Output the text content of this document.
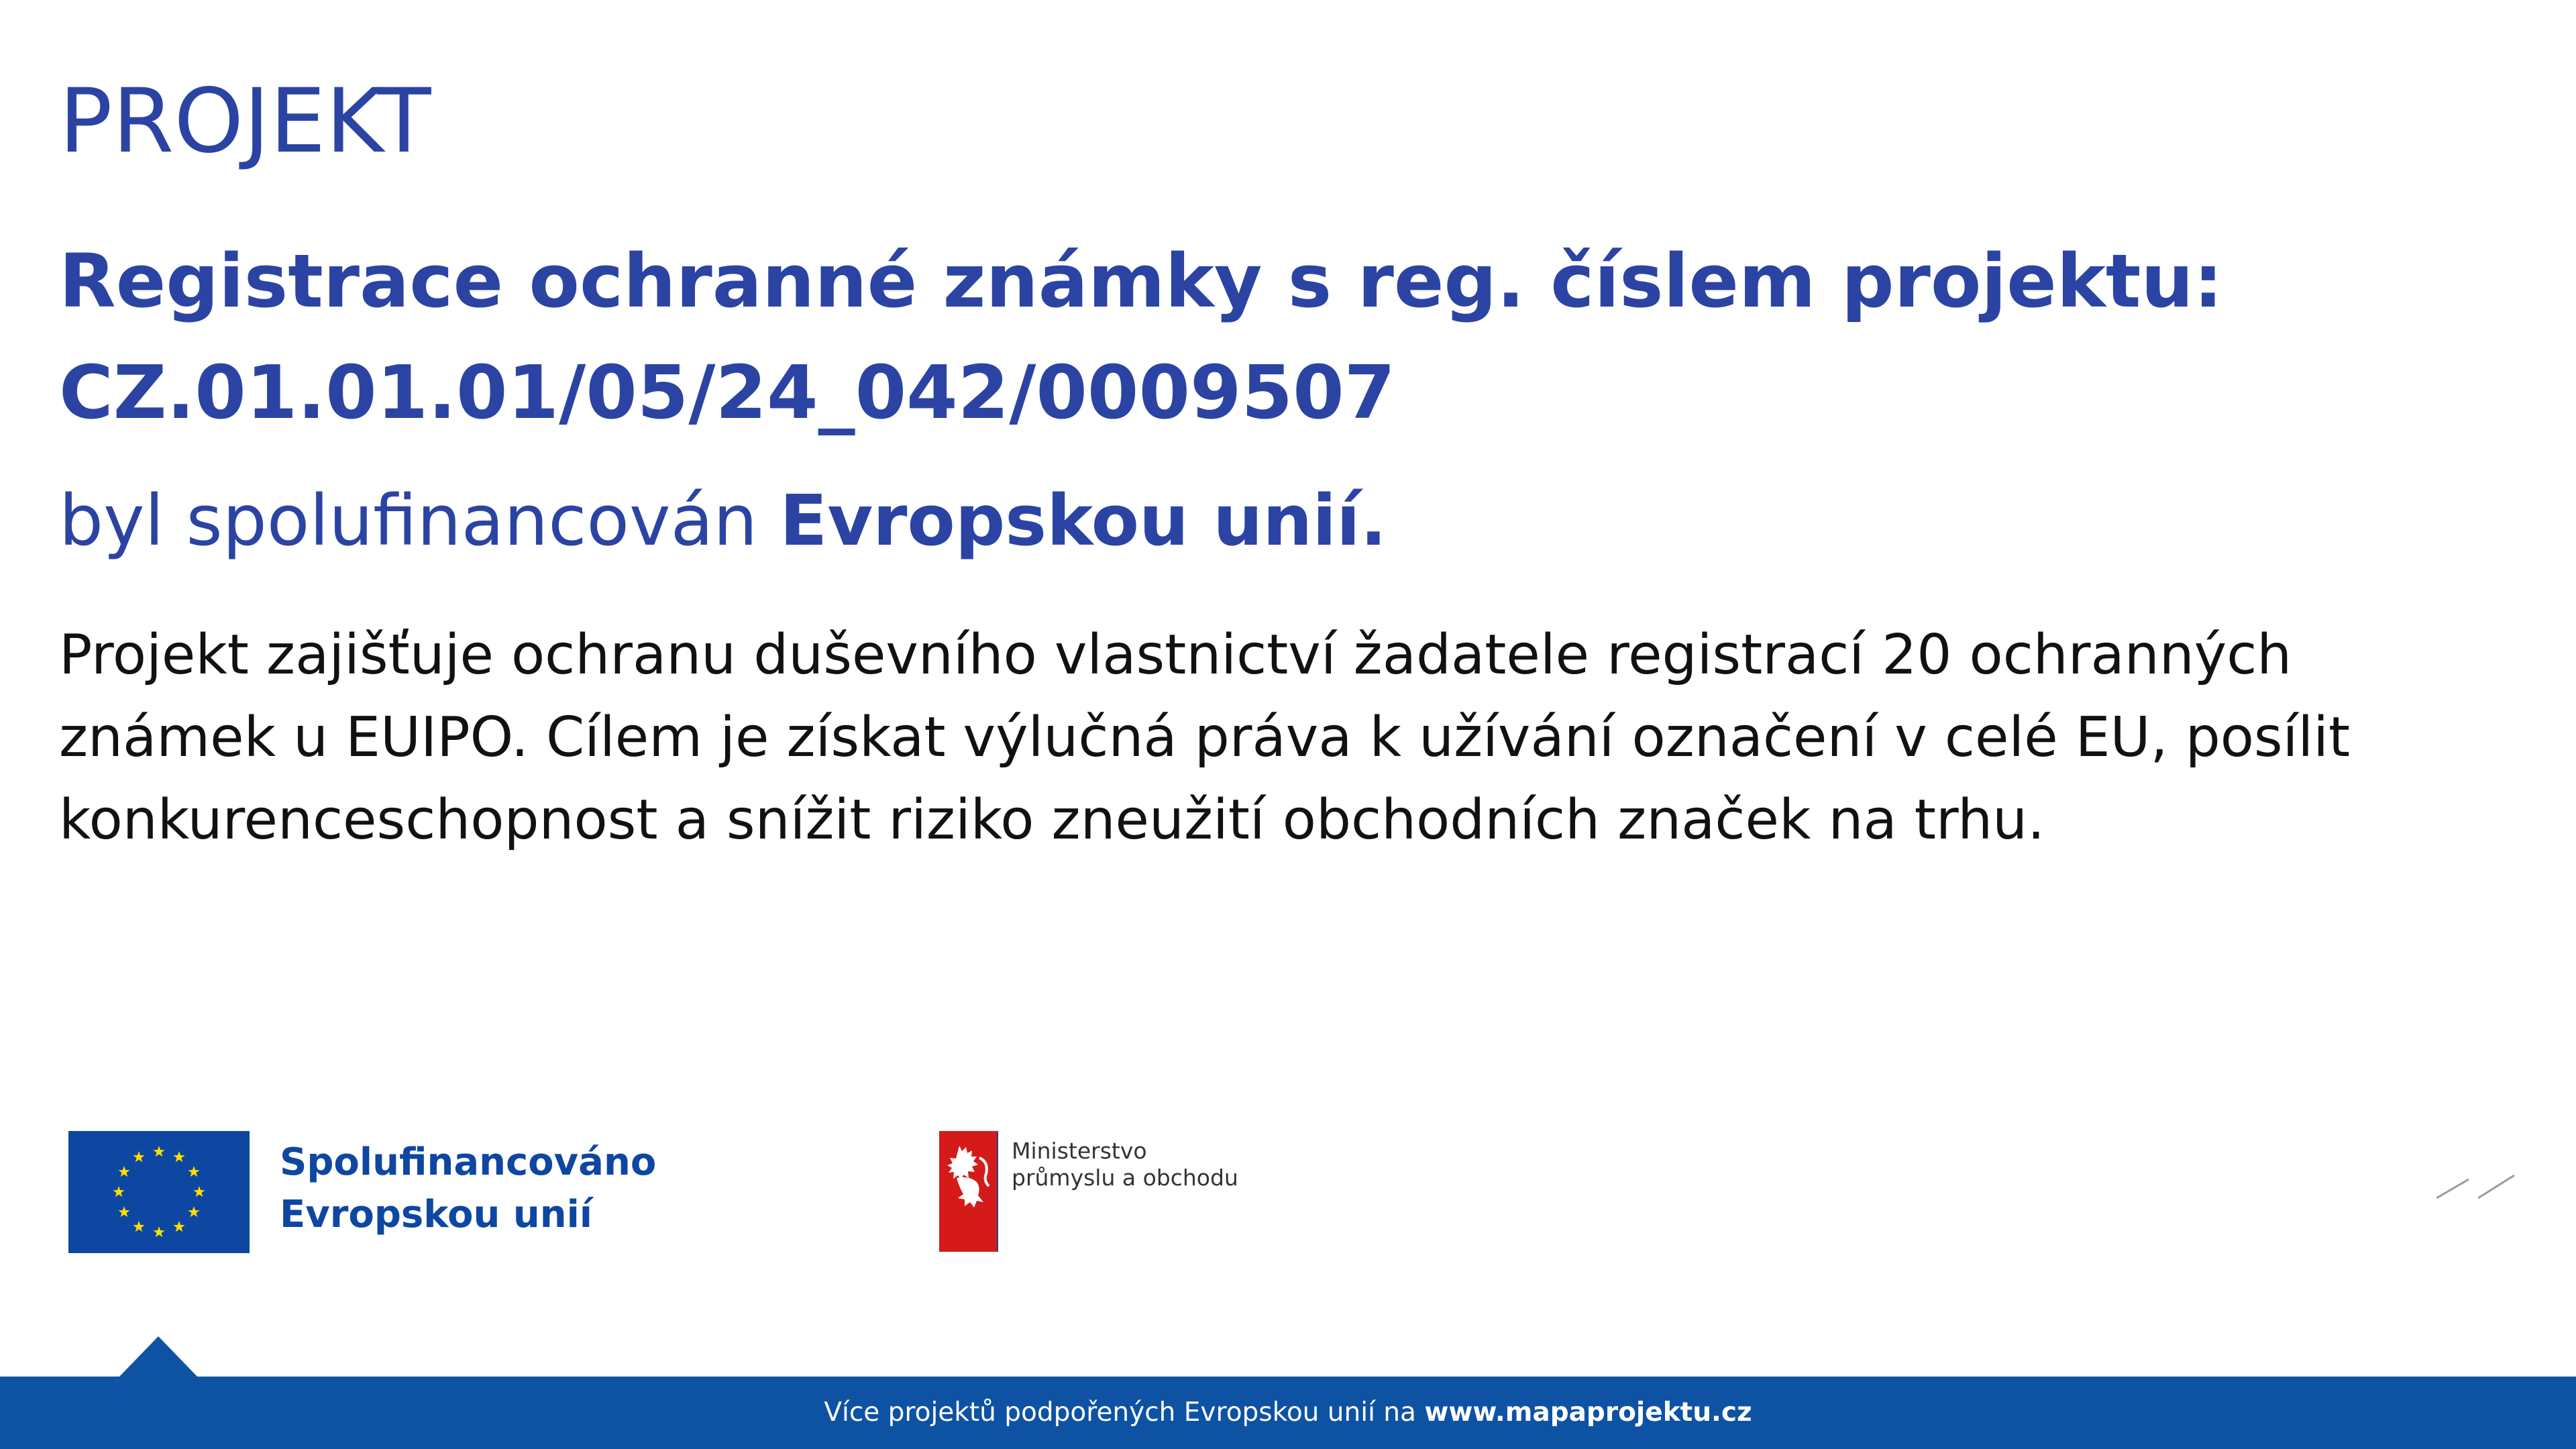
PROJEKT
Registrace ochranné známky s reg. číslem projektu:
CZ.01.01.01/05/24_042/0009507

byl spolufinancován Evropskou unií.

Projekt zajišťuje ochranu duševního vlastnictví žadatele registrací 20 ochranných
známek u EUIPO. Cílem je získat výlučná práva k užívání označení v celé EU, posílit
konkurenceschopnost a snížit riziko zneužití obchodních značek na trhu.

Spolufinancováno
Evropskou unií
Ministerstvo
průmyslu a obchodu
Více projektů podpořených Evropskou unií na www.mapaprojektu.cz
